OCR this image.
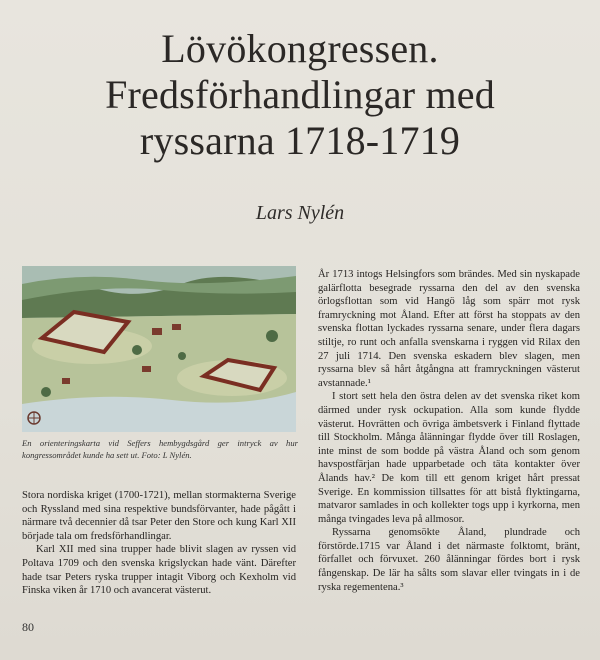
Lövökongressen.
Fredsförhandlingar med
ryssarna 1718-1719
Lars Nylén
En orienteringskarta vid Seffers hembygdsgård ger intryck av hur kongressområdet kunde ha sett ut. Foto: L Nylén.

Stora nordiska kriget (1700-1721), mellan stormakterna Sverige och Ryssland med sina respektive bundsförvanter, hade pågått i närmare två decennier då tsar Peter den Store och kung Karl XII började tala om fredsförhandlingar.

Karl XII med sina trupper hade blivit slagen av ryssen vid Poltava 1709 och den svenska krigslyckan hade vänt. Därefter hade tsar Peters ryska trupper intagit Viborg och Kexholm vid Finska viken år 1710 och avancerat västerut.

År 1713 intogs Helsingfors som brändes. Med sin nyskapade galärflotta besegrade ryssarna den del av den svenska örlogsflottan som vid Hangö låg som spärr mot rysk framryckning mot Åland. Efter att först ha stoppats av den svenska flottan lyckades ryssarna senare, under flera dagars stiltje, ro runt och anfalla svenskarna i ryggen vid Rilax den 27 juli 1714. Den svenska eskadern blev slagen, men ryssarna blev så hårt åtgångna att framryckningen västerut avstannade.¹

I stort sett hela den östra delen av det svenska riket kom därmed under rysk ockupation. Alla som kunde flydde västerut. Hovrätten och övriga ämbetsverk i Finland flyttade till Stockholm. Många ålänningar flydde över till Roslagen, inte minst de som bodde på västra Åland och som genom havspostfärjan hade upparbetade och täta kontakter över Ålands hav.² De kom till ett genom kriget hårt pressat Sverige. En kommission tillsattes för att bistå flyktingarna, matvaror samlades in och kollekter togs upp i kyrkorna, men många tvingades leva på allmosor.

Ryssarna genomsökte Åland, plundrade och förstörde.1715 var Åland i det närmaste folktomt, bränt, förfallet och förvuxet. 260 ålänningar fördes bort i rysk fångenskap. De lär ha sålts som slavar eller tvingats in i de ryska regementena.³

80
